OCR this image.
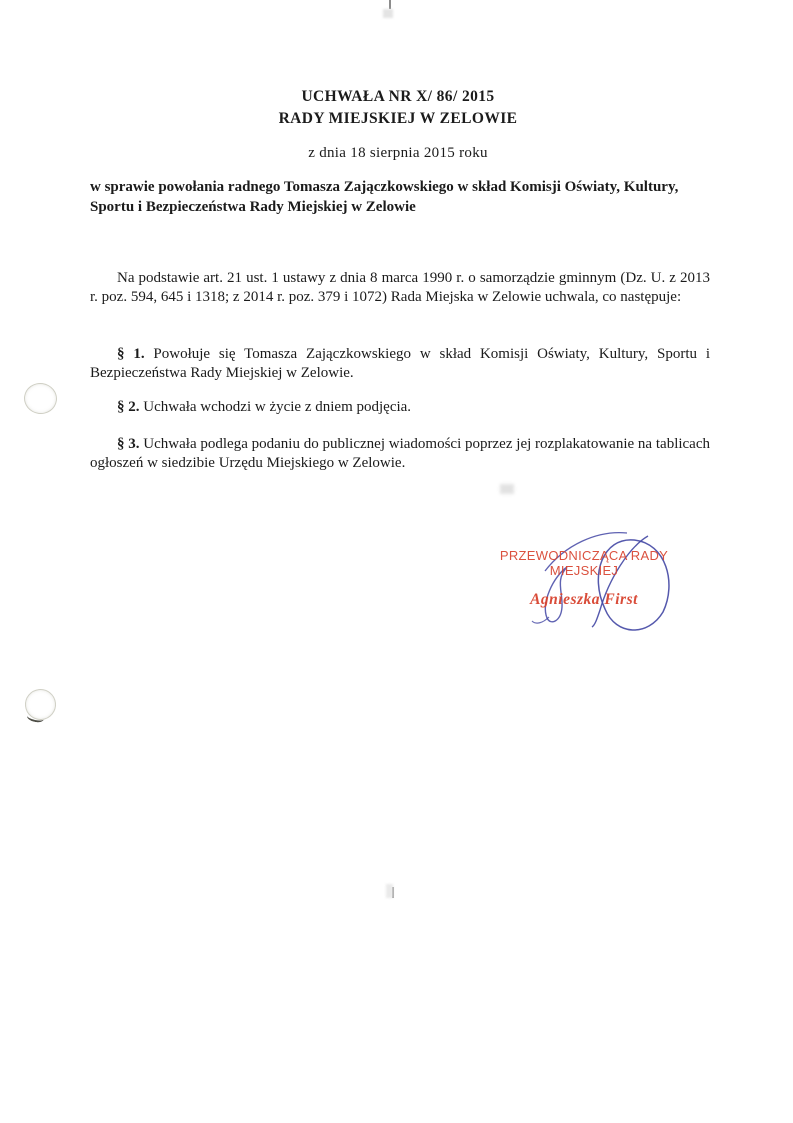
UCHWAŁA NR X/ 86/ 2015
RADY MIEJSKIEJ W ZELOWIE
z dnia 18 sierpnia 2015 roku
w sprawie powołania radnego Tomasza Zajączkowskiego w skład Komisji Oświaty, Kultury, Sportu i Bezpieczeństwa Rady Miejskiej w Zelowie

Na podstawie art. 21 ust. 1 ustawy z dnia 8 marca 1990 r. o samorządzie gminnym (Dz. U. z 2013 r. poz. 594, 645 i 1318; z 2014 r. poz. 379 i 1072) Rada Miejska w Zelowie uchwala, co następuje:

§ 1. Powołuje się Tomasza Zajączkowskiego w skład Komisji Oświaty, Kultury, Sportu i Bezpieczeństwa Rady Miejskiej w Zelowie.

§ 2. Uchwała wchodzi w życie z dniem podjęcia.

§ 3. Uchwała podlega podaniu do publicznej wiadomości poprzez jej rozplakatowanie na tablicach ogłoszeń w siedzibie Urzędu Miejskiego w Zelowie.

PRZEWODNICZĄCA RADY
MIEJSKIEJ
Agnieszka First
